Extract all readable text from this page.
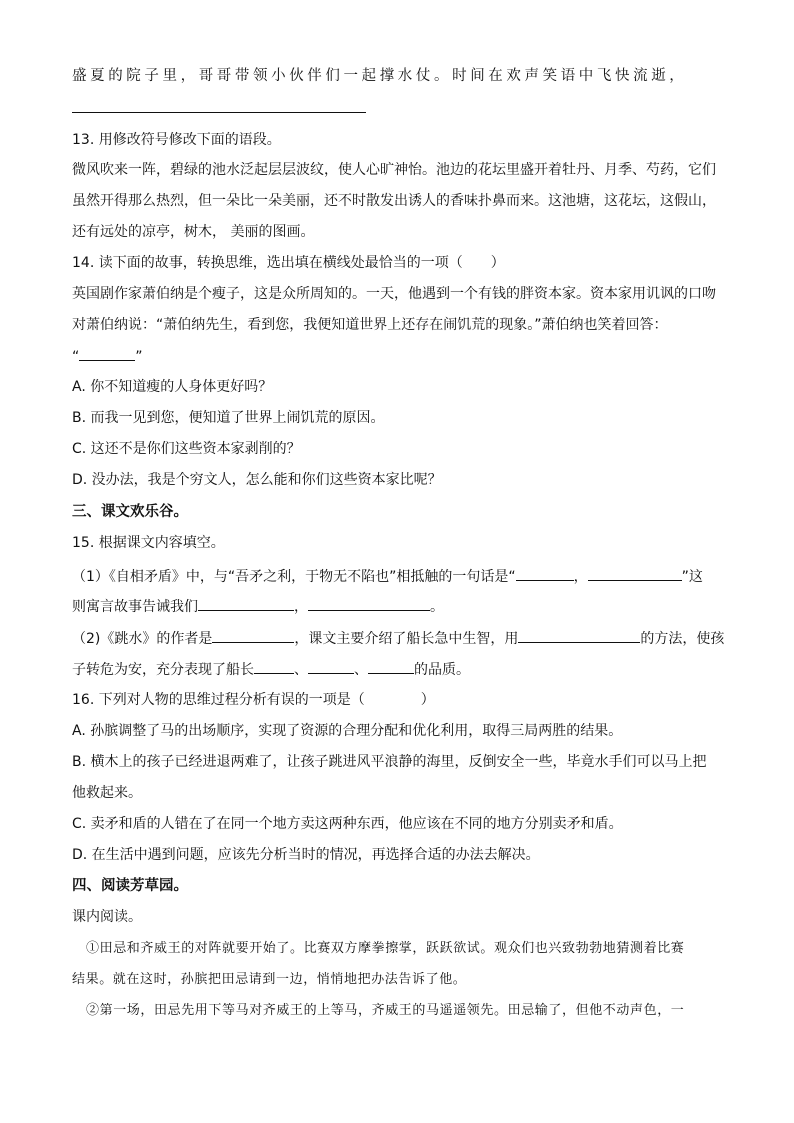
盛夏的院子里，哥哥带领小伙伴们一起撑水仗。时间在欢声笑语中飞快流逝，

13. 用修改符号修改下面的语段。

微风吹来一阵，碧绿的池水泛起层层波纹，使人心旷神怡。池边的花坛里盛开着牡丹、月季、芍药，它们

虽然开得那么热烈，但一朵比一朵美丽，还不时散发出诱人的香味扑鼻而来。这池塘，这花坛，这假山，

还有远处的凉亭，树木， 美丽的图画。

14. 读下面的故事，转换思维，选出填在横线处最恰当的一项（　　）

英国剧作家萧伯纳是个瘦子，这是众所周知的。一天，他遇到一个有钱的胖资本家。资本家用讥讽的口吻

对萧伯纳说：“萧伯纳先生，看到您，我便知道世界上还存在闹饥荒的现象。”萧伯纳也笑着回答：

“	”

A. 你不知道瘦的人身体更好吗？

B. 而我一见到您，便知道了世界上闹饥荒的原因。

C. 这还不是你们这些资本家剥削的？

D. 没办法，我是个穷文人，怎么能和你们这些资本家比呢？

三、课文欢乐谷。

15. 根据课文内容填空。

（1）《自相矛盾》中，与“吾矛之利，于物无不陷也”相抵触的一句话是“	，	”这

则寓言故事告诫我们	，	。

（2)《跳水》的作者是	，课文主要介绍了船长急中生智，用	的方法，使孩

子转危为安，充分表现了船长	、	、	的品质。

16. 下列对人物的思维过程分析有误的一项是（　　　　）

A. 孙膑调整了马的出场顺序，实现了资源的合理分配和优化利用，取得三局两胜的结果。

B. 横木上的孩子已经进退两难了，让孩子跳进风平浪静的海里，反倒安全一些，毕竟水手们可以马上把

他救起来。

C. 卖矛和盾的人错在了在同一个地方卖这两种东西，他应该在不同的地方分别卖矛和盾。

D. 在生活中遇到问题，应该先分析当时的情况，再选择合适的办法去解决。

四、阅读芳草园。

课内阅读。

①田忌和齐威王的对阵就要开始了。比赛双方摩拳擦掌，跃跃欲试。观众们也兴致勃勃地猜测着比赛

结果。就在这时，孙膑把田忌请到一边，悄悄地把办法告诉了他。

②第一场，田忌先用下等马对齐威王的上等马，齐威王的马遥遥领先。田忌输了，但他不动声色，一
